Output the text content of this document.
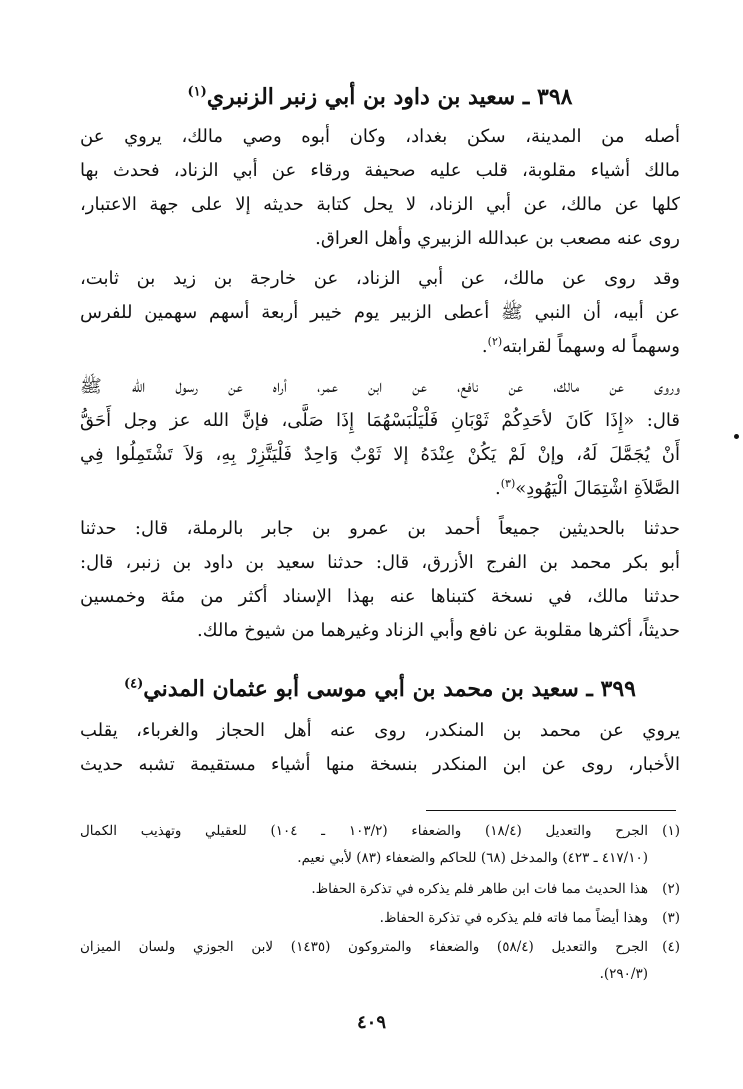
٣٩٨ ـ سعيد بن داود بن أبي زنبر الزنبري$^{(١)}$
أصله من المدينة، سكن بغداد، وكان أبوه وصي مالك، يروي عن
مالك أشياء مقلوبة، قلب عليه صحيفة ورقاء عن أبي الزناد، فحدث بها
كلها عن مالك، عن أبي الزناد، لا يحل كتابة حديثه إلا على جهة الاعتبار،
روى عنه مصعب بن عبدالله الزبيري وأهل العراق.
وقد روى عن مالك، عن أبي الزناد، عن خارجة بن زيد بن ثابت،
عن أبيه، أن النبي ﷺ أعطى الزبير يوم خيبر أربعة أسهم سهمين للفرس
وسهماً له وسهماً لقرابته$^{(٢)}$.
وروى عن مالك، عن نافع، عن ابن عمر، أراه عن رسول الله ﷺ
قال: «إِذَا كَانَ لأحَدِكُمْ ثَوْبَانِ فَلْيَلْبَسْهُمَا إِذَا صَلَّى، فإنَّ الله عز وجل أَحَقُّ
أَنْ يُجَمَّلَ لَهُ، وإنْ لَمْ يَكُنْ عِنْدَهُ إلا ثَوْبٌ وَاحِدٌ فَلْيَتَّزِرْ بِهِ، وَلاَ تَشْتَمِلُوا فِي
الصَّلاَةِ اشْتِمَالَ الْيَهُودِ»$^{(٣)}$.
حدثنا بالحديثين جميعاً أحمد بن عمرو بن جابر بالرملة، قال: حدثنا
أبو بكر محمد بن الفرج الأزرق، قال: حدثنا سعيد بن داود بن زنبر، قال:
حدثنا مالك، في نسخة كتبناها عنه بهذا الإسناد أكثر من مئة وخمسين
حديثاً، أكثرها مقلوبة عن نافع وأبي الزناد وغيرهما من شيوخ مالك.
٣٩٩ ـ سعيد بن محمد بن أبي موسى أبو عثمان المدني$^{(٤)}$
يروي عن محمد بن المنكدر، روى عنه أهل الحجاز والغرباء، يقلب
الأخبار، روى عن ابن المنكدر بنسخة منها أشياء مستقيمة تشبه حديث
(١)
الجرح والتعديل (١٨/٤) والضعفاء (١٠٣/٢ ـ ١٠٤) للعقيلي وتهذيب الكمال
(٤١٧/١٠ ـ ٤٢٣) والمدخل (٦٨) للحاكم والضعفاء (٨٣) لأبي نعيم.
(٢)
هذا الحديث مما فات ابن طاهر فلم يذكره في تذكرة الحفاظ.
(٣)
وهذا أيضاً مما فاته فلم يذكره في تذكرة الحفاظ.
(٤)
الجرح والتعديل (٥٨/٤) والضعفاء والمتروكون (١٤٣٥) لابن الجوزي ولسان الميزان
(٢٩٠/٣).
٤٠٩
